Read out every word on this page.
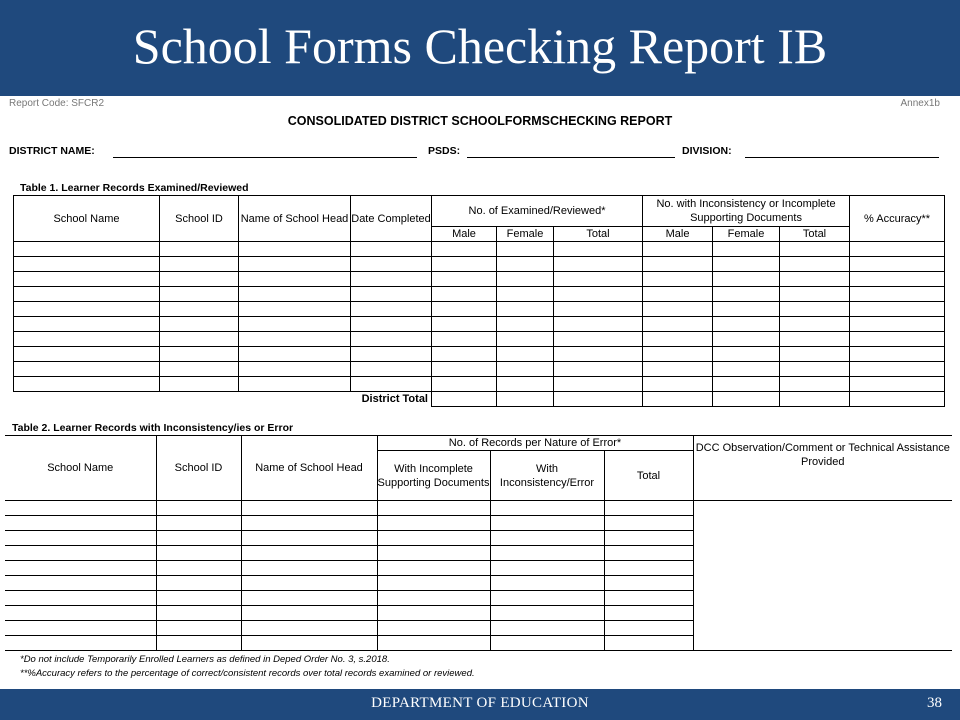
School Forms Checking Report IB
Report Code: SFCR2	Annex1b
CONSOLIDATED DISTRICT SCHOOLFORMSCHECKING REPORT
DISTRICT NAME:	PSDS:	DIVISION:
Table 1. Learner Records Examined/Reviewed
School Name	School ID	Name of School Head	Date Completed	No. of Examined/Reviewed*			No. with Inconsistency or Incomplete Supporting Documents			% Accuracy**
				Male	Female	Total	Male	Female	Total	

			District Total							
Table 2. Learner Records with Inconsistency/ies or Error
School Name	School ID	Name of School Head	No. of Records per Nature of Error*			DCC Observation/Comment or Technical Assistance Provided
			With Incomplete Supporting Documents	With Inconsistency/Error	Total	

*Do not include Temporarily Enrolled Learners as defined in Deped Order No. 3, s.2018.
**%Accuracy refers to the percentage of correct/consistent records over total records examined or reviewed.
DEPARTMENT OF EDUCATION	38
